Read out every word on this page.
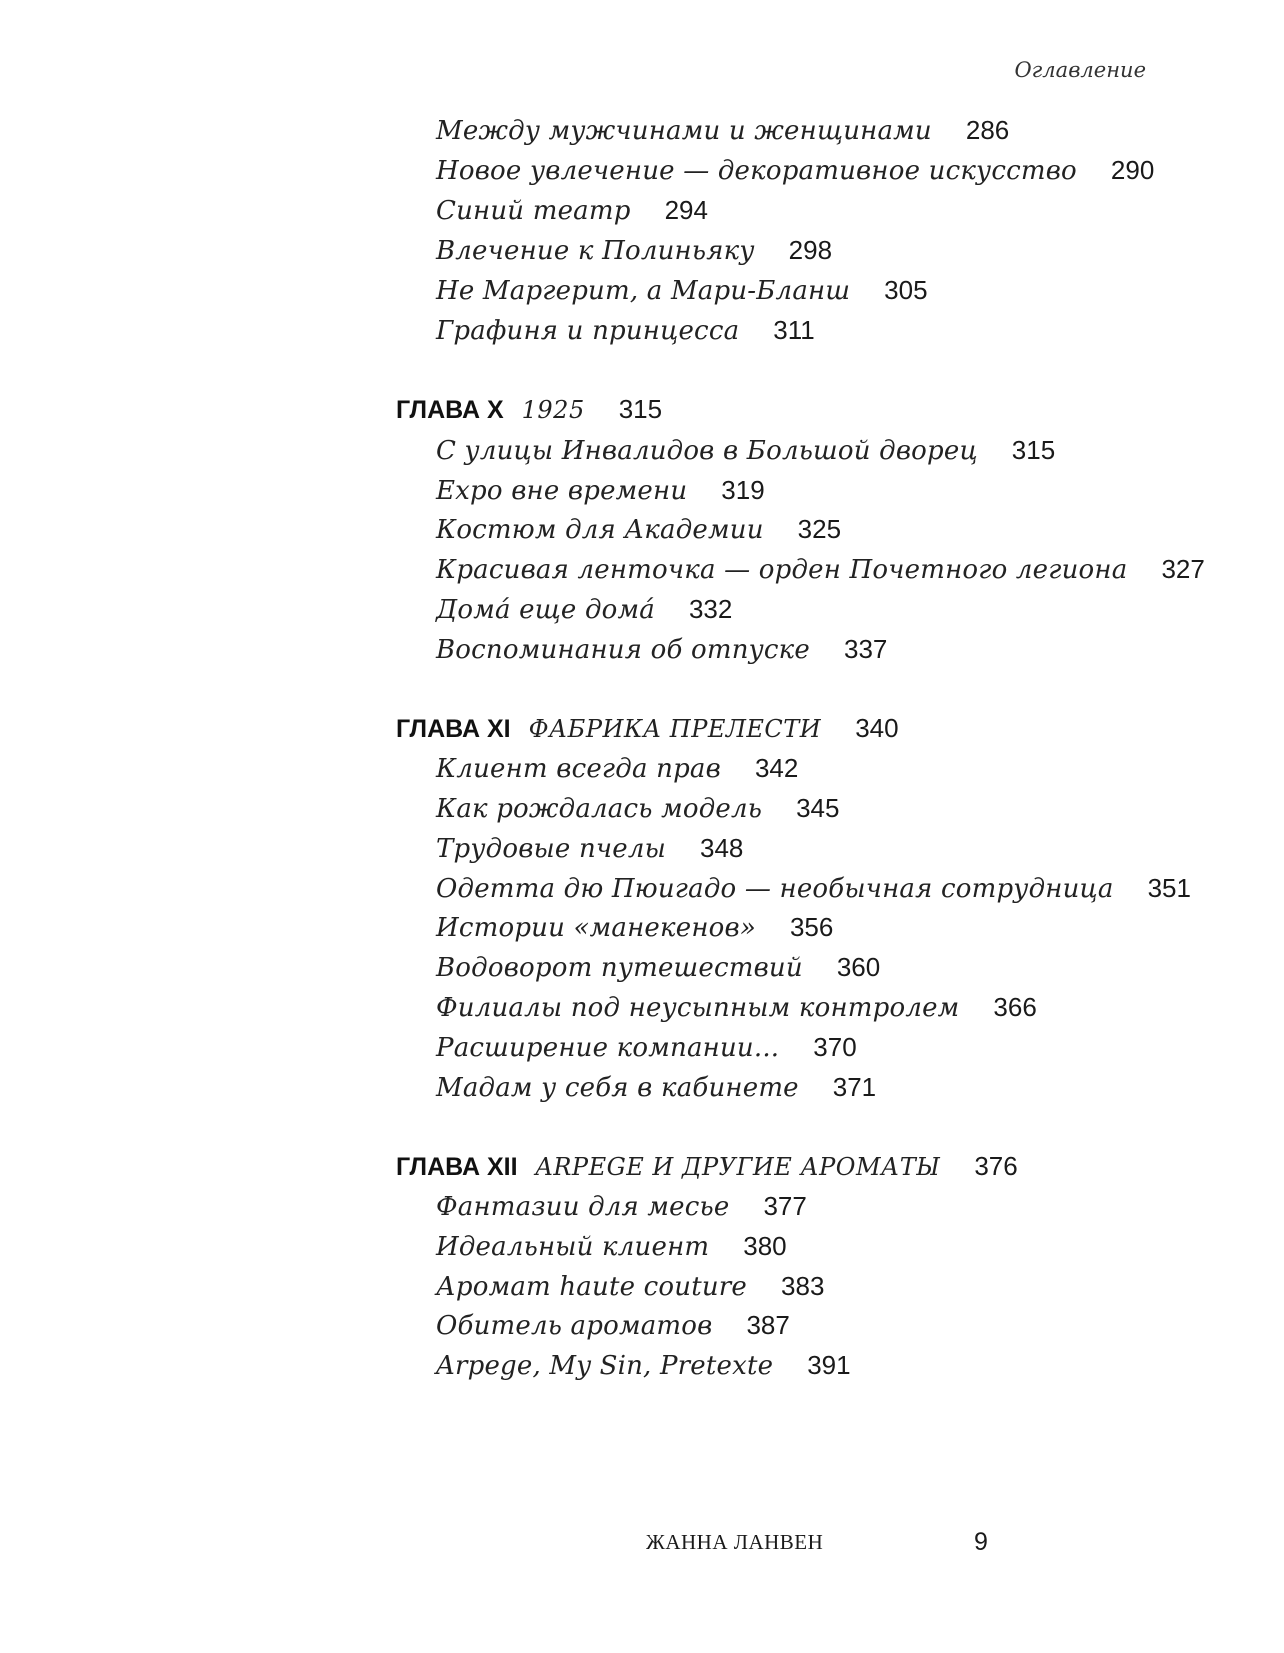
Оглавление
Между мужчинами и женщинами 286
Новое увлечение — декоративное искусство 290
Синий театр 294
Влечение к Полиньяку 298
Не Маргерит, а Мари-Бланш 305
Графиня и принцесса 311
ГЛАВА X 1925 315
С улицы Инвалидов в Большой дворец 315
Expo вне времени 319
Костюм для Академии 325
Красивая ленточка — орден Почетного легиона 327
Дома́ еще дома́ 332
Воспоминания об отпуске 337
ГЛАВА XI ФАБРИКА ПРЕЛЕСТИ 340
Клиент всегда прав 342
Как рождалась модель 345
Трудовые пчелы 348
Одетта дю Пюигадо — необычная сотрудница 351
Истории «манекенов» 356
Водоворот путешествий 360
Филиалы под неусыпным контролем 366
Расширение компании... 370
Мадам у себя в кабинете 371
ГЛАВА XII ARPEGE И ДРУГИЕ АРОМАТЫ 376
Фантазии для месье 377
Идеальный клиент 380
Аромат haute couture 383
Обитель ароматов 387
Arpege, My Sin, Pretexte 391
ЖАННА ЛАНВЕН	9
